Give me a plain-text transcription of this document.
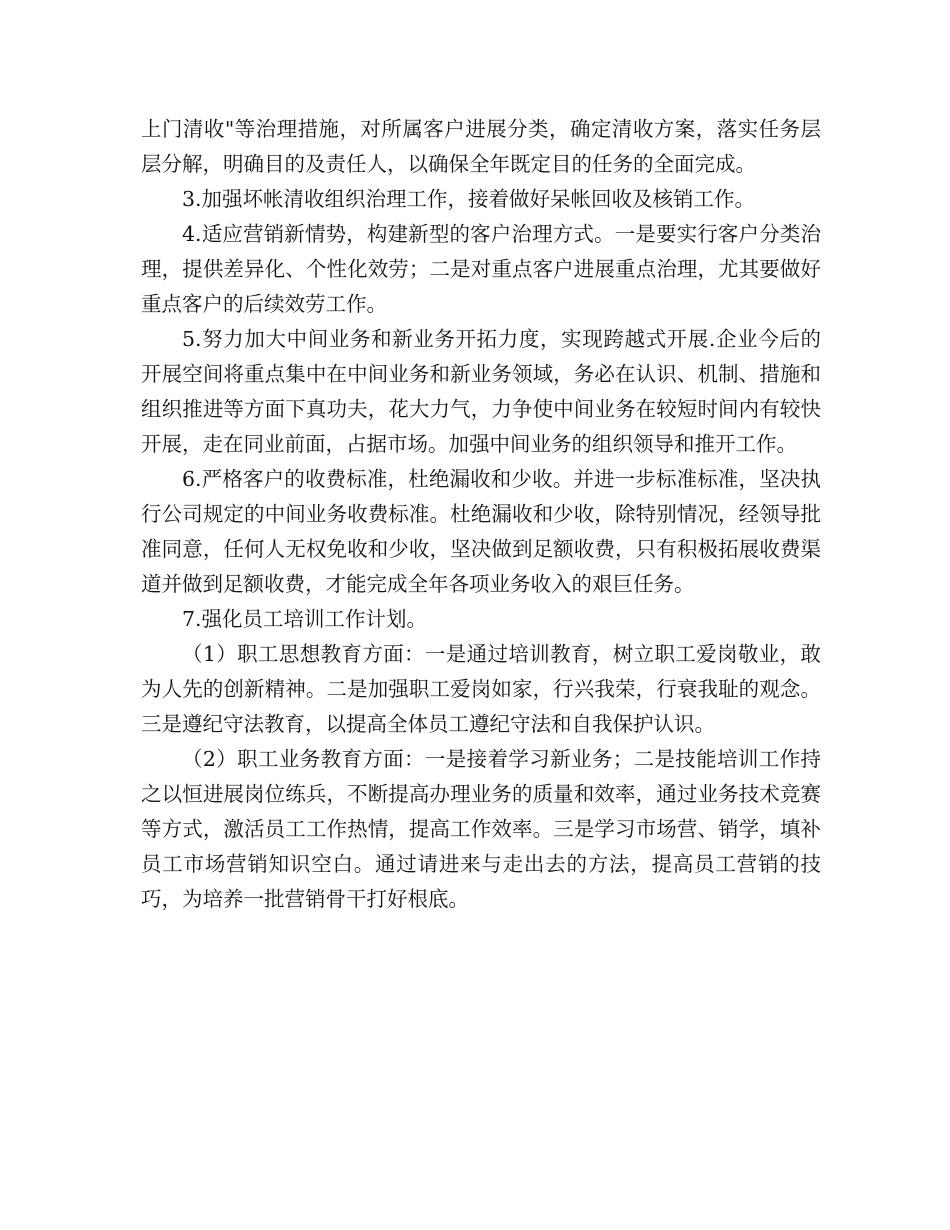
上门清收"等治理措施，对所属客户进展分类，确定清收方案，落实任务层层分解，明确目的及责任人，以确保全年既定目的任务的全面完成。

3.加强坏帐清收组织治理工作，接着做好呆帐回收及核销工作。

4.适应营销新情势，构建新型的客户治理方式。一是要实行客户分类治理，提供差异化、个性化效劳；二是对重点客户进展重点治理，尤其要做好重点客户的后续效劳工作。

5.努力加大中间业务和新业务开拓力度，实现跨越式开展.企业今后的开展空间将重点集中在中间业务和新业务领域，务必在认识、机制、措施和组织推进等方面下真功夫，花大力气，力争使中间业务在较短时间内有较快开展，走在同业前面，占据市场。加强中间业务的组织领导和推开工作。

6.严格客户的收费标准，杜绝漏收和少收。并进一步标准标准，坚决执行公司规定的中间业务收费标准。杜绝漏收和少收，除特别情况，经领导批准同意，任何人无权免收和少收，坚决做到足额收费，只有积极拓展收费渠道并做到足额收费，才能完成全年各项业务收入的艰巨任务。

7.强化员工培训工作计划。

（1）职工思想教育方面：一是通过培训教育，树立职工爱岗敬业，敢为人先的创新精神。二是加强职工爱岗如家，行兴我荣，行衰我耻的观念。三是遵纪守法教育，以提高全体员工遵纪守法和自我保护认识。

（2）职工业务教育方面：一是接着学习新业务；二是技能培训工作持之以恒进展岗位练兵，不断提高办理业务的质量和效率，通过业务技术竞赛等方式，激活员工工作热情，提高工作效率。三是学习市场营、销学，填补员工市场营销知识空白。通过请进来与走出去的方法，提高员工营销的技巧，为培养一批营销骨干打好根底。
